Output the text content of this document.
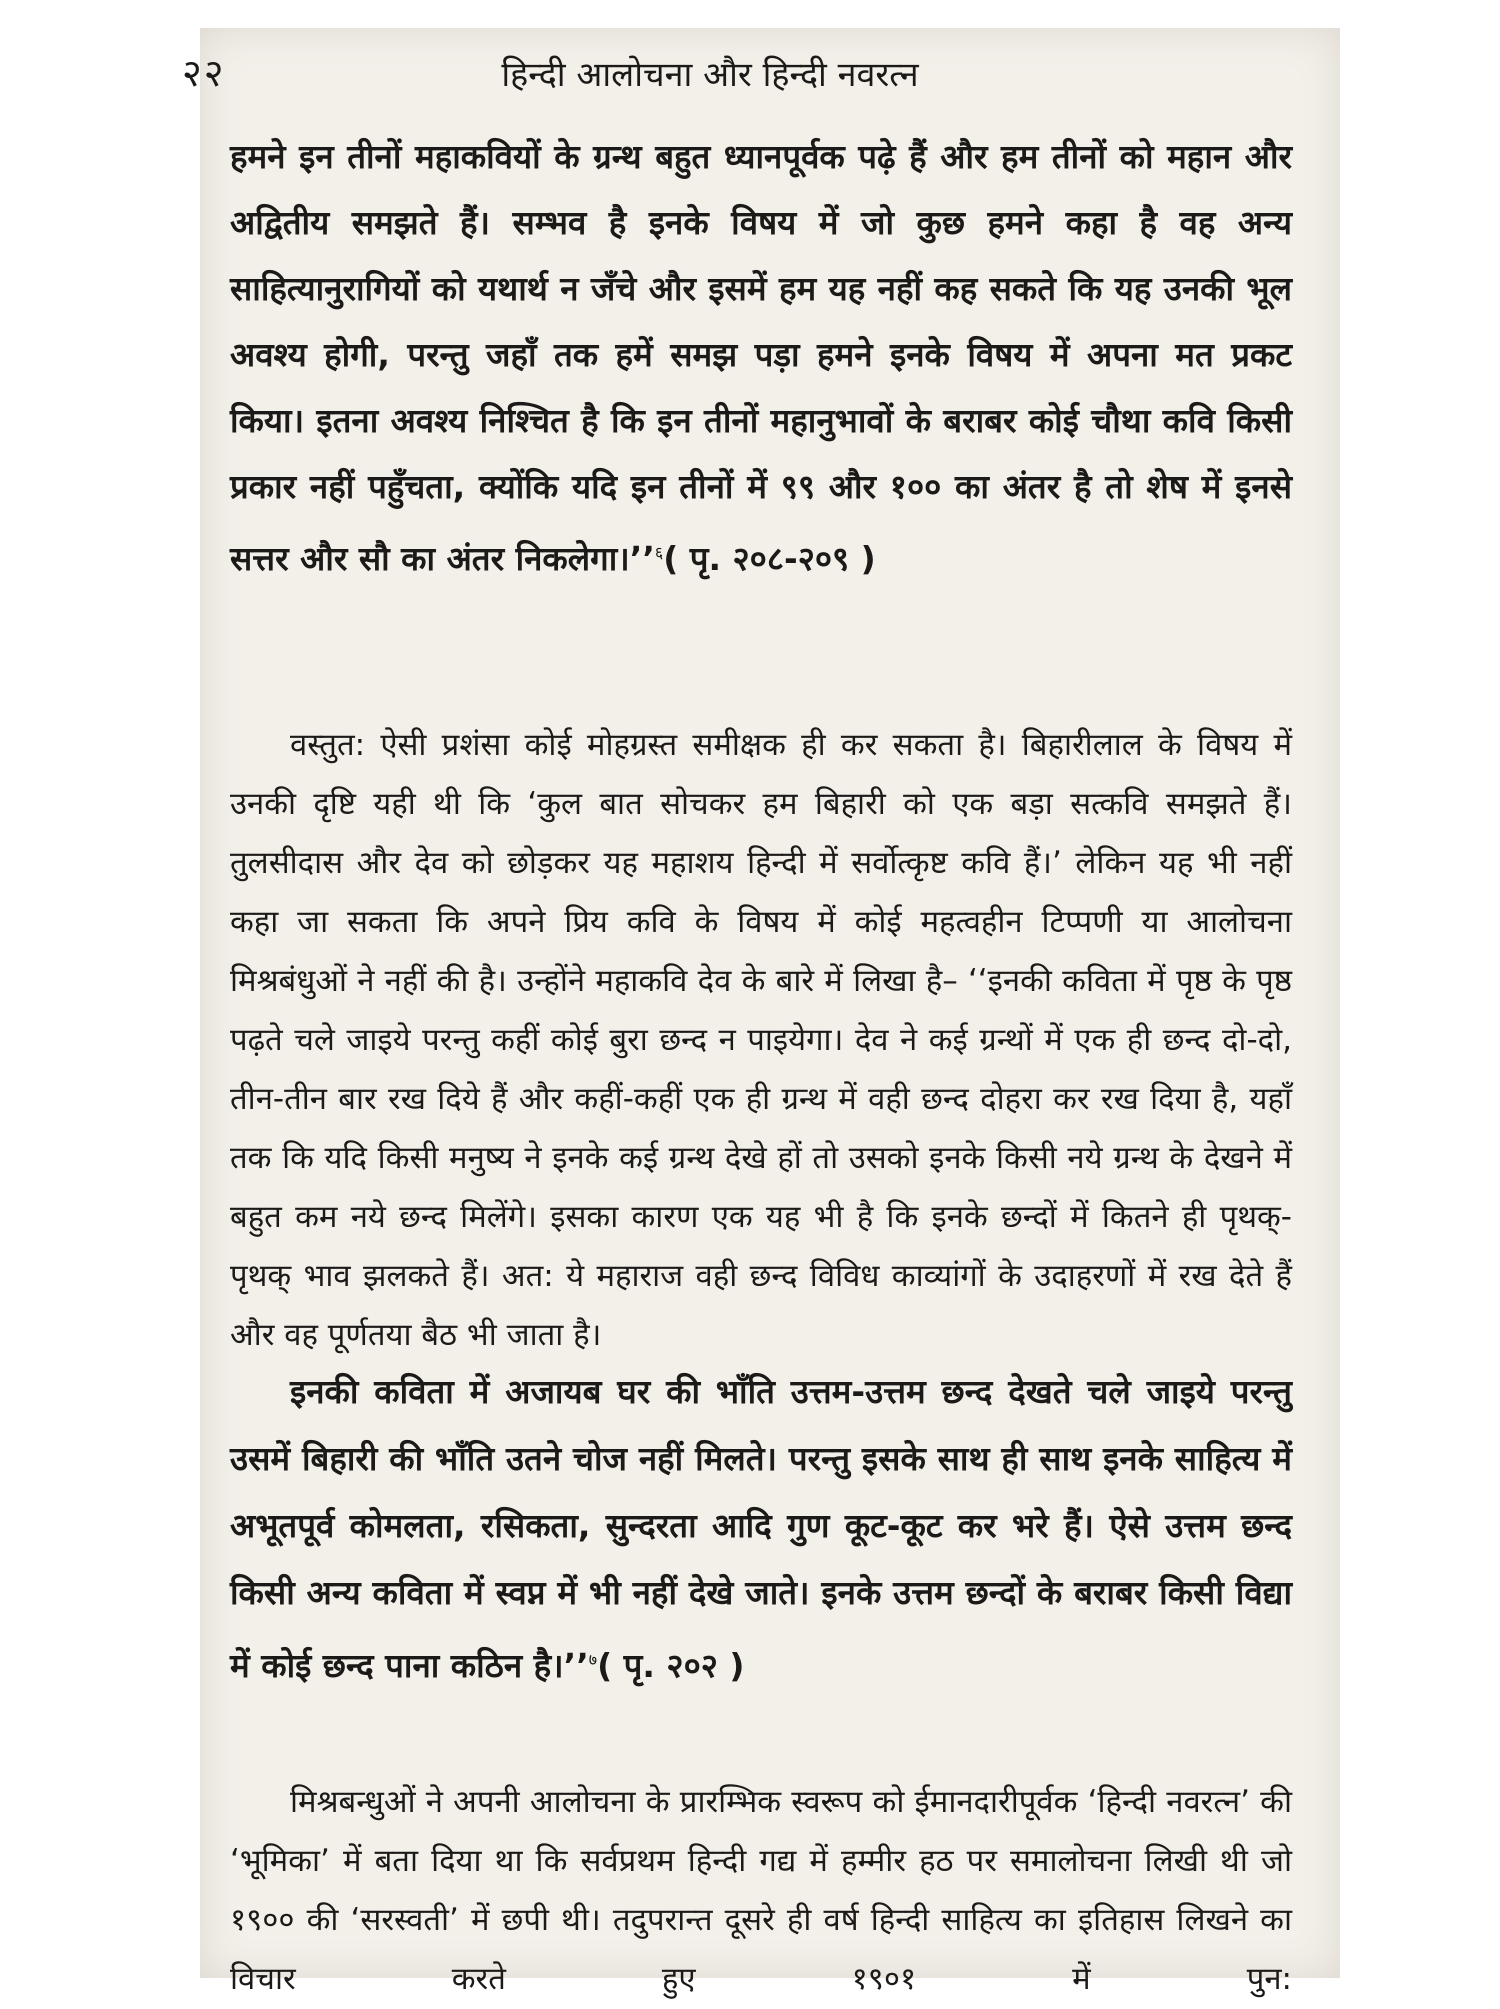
२२	हिन्दी आलोचना और हिन्दी नवरत्न

हमने इन तीनों महाकवियों के ग्रन्थ बहुत ध्यानपूर्वक पढ़े हैं और हम तीनों को महान और अद्वितीय समझते हैं। सम्भव है इनके विषय में जो कुछ हमने कहा है वह अन्य साहित्यानुरागियों को यथार्थ न जँचे और इसमें हम यह नहीं कह सकते कि यह उनकी भूल अवश्य होगी, परन्तु जहाँ तक हमें समझ पड़ा हमने इनके विषय में अपना मत प्रकट किया। इतना अवश्य निश्चित है कि इन तीनों महानुभावों के बराबर कोई चौथा कवि किसी प्रकार नहीं पहुँचता, क्योंकि यदि इन तीनों में ९९ और १०० का अंतर है तो शेष में इनसे सत्तर और सौ का अंतर निकलेगा।’’$^६$( पृ. २०८-२०९ )

वस्तुत: ऐसी प्रशंसा कोई मोहग्रस्त समीक्षक ही कर सकता है। बिहारीलाल के विषय में उनकी दृष्टि यही थी कि ‘कुल बात सोचकर हम बिहारी को एक बड़ा सत्कवि समझते हैं। तुलसीदास और देव को छोड़कर यह महाशय हिन्दी में सर्वोत्कृष्ट कवि हैं।’ लेकिन यह भी नहीं कहा जा सकता कि अपने प्रिय कवि के विषय में कोई महत्वहीन टिप्पणी या आलोचना मिश्रबंधुओं ने नहीं की है। उन्होंने महाकवि देव के बारे में लिखा है– ‘‘इनकी कविता में पृष्ठ के पृष्ठ पढ़ते चले जाइये परन्तु कहीं कोई बुरा छन्द न पाइयेगा। देव ने कई ग्रन्थों में एक ही छन्द दो-दो, तीन-तीन बार रख दिये हैं और कहीं-कहीं एक ही ग्रन्थ में वही छन्द दोहरा कर रख दिया है, यहाँ तक कि यदि किसी मनुष्य ने इनके कई ग्रन्थ देखे हों तो उसको इनके किसी नये ग्रन्थ के देखने में बहुत कम नये छन्द मिलेंगे। इसका कारण एक यह भी है कि इनके छन्दों में कितने ही पृथक्-पृथक् भाव झलकते हैं। अत: ये महाराज वही छन्द विविध काव्यांगों के उदाहरणों में रख देते हैं और वह पूर्णतया बैठ भी जाता है।

इनकी कविता में अजायब घर की भाँति उत्तम-उत्तम छन्द देखते चले जाइये परन्तु उसमें बिहारी की भाँति उतने चोज नहीं मिलते। परन्तु इसके साथ ही साथ इनके साहित्य में अभूतपूर्व कोमलता, रसिकता, सुन्दरता आदि गुण कूट-कूट कर भरे हैं। ऐसे उत्तम छन्द किसी अन्य कविता में स्वप्न में भी नहीं देखे जाते। इनके उत्तम छन्दों के बराबर किसी विद्या में कोई छन्द पाना कठिन है।’’$^७$( पृ. २०२ )

मिश्रबन्धुओं ने अपनी आलोचना के प्रारम्भिक स्वरूप को ईमानदारीपूर्वक ‘हिन्दी नवरत्न’ की ‘भूमिका’ में बता दिया था कि सर्वप्रथम हिन्दी गद्य में हम्मीर हठ पर समालोचना लिखी थी जो १९०० की ‘सरस्वती’ में छपी थी। तदुपरान्त दूसरे ही वर्ष हिन्दी साहित्य का इतिहास लिखने का विचार करते हुए १९०१ में पुन:
